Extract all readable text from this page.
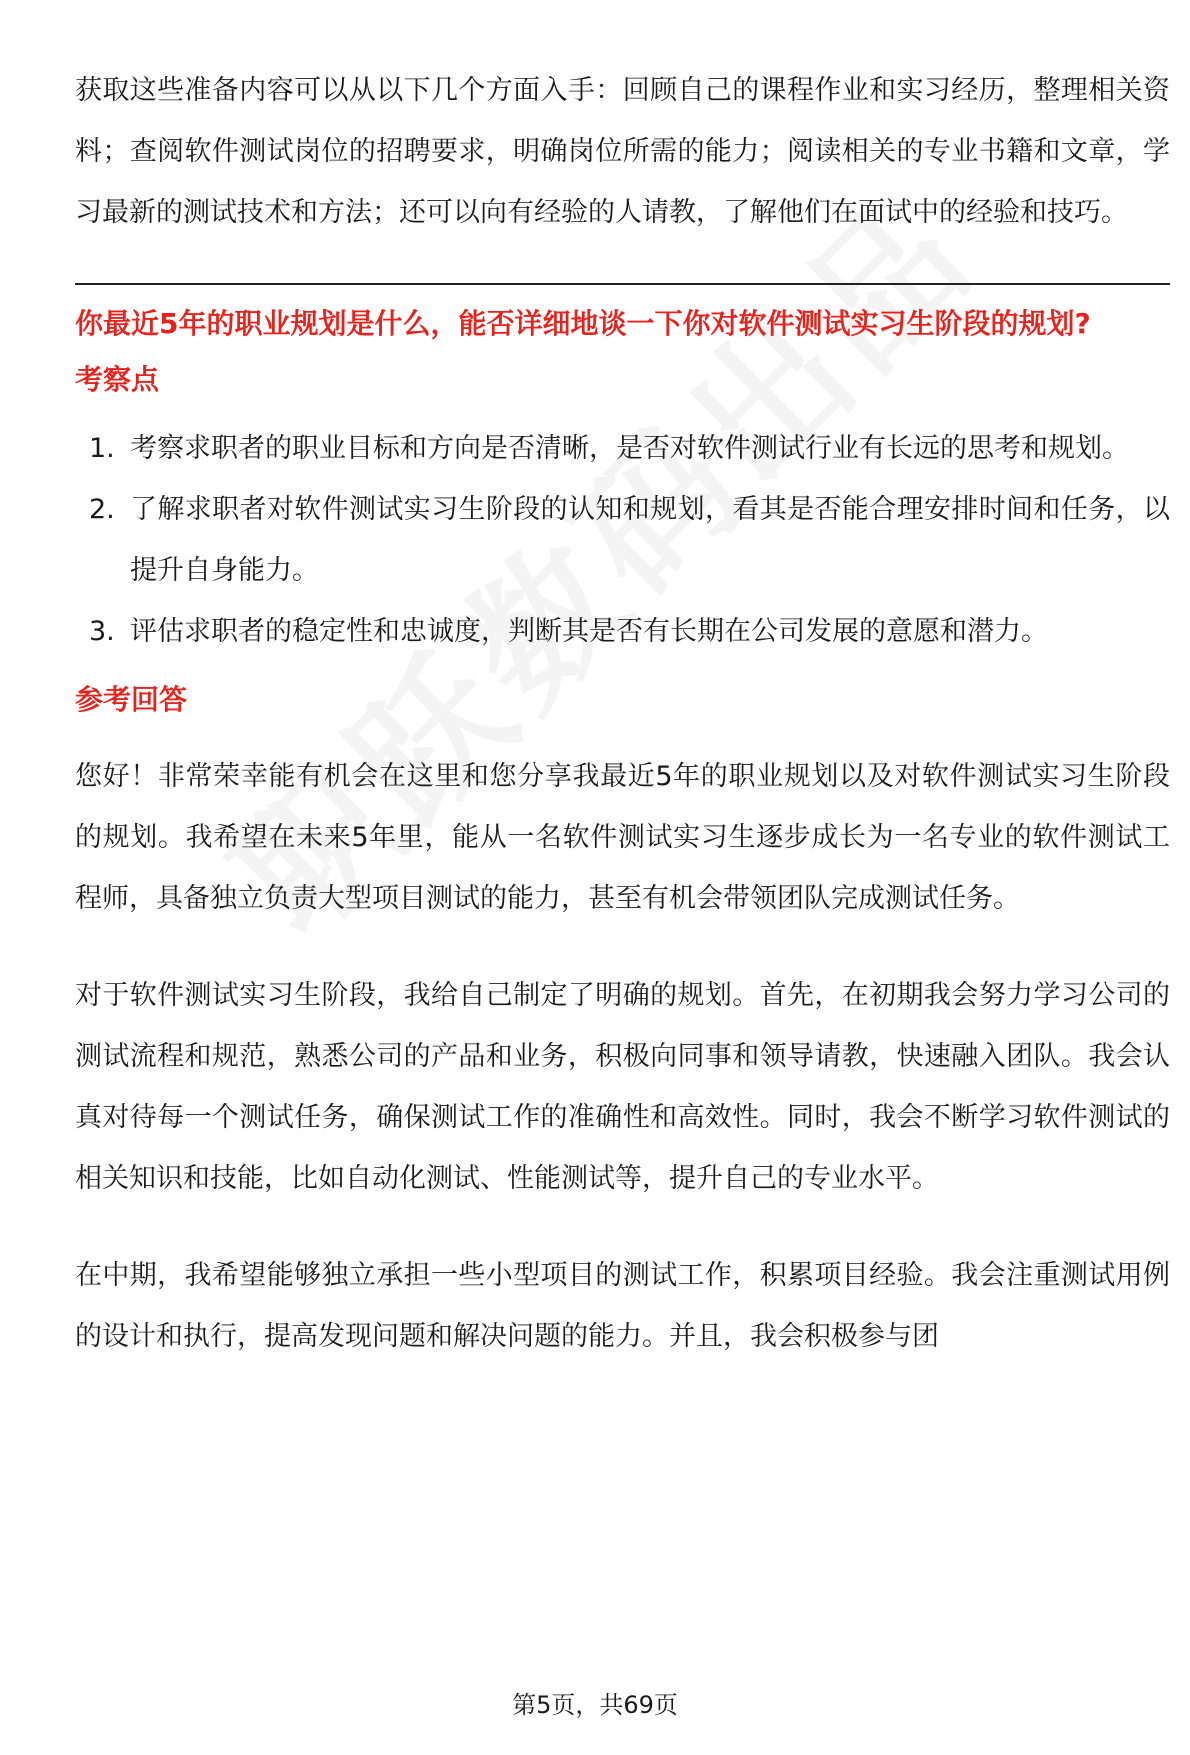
获取这些准备内容可以从以下几个方面入手：回顾自己的课程作业和实习经历，整理相关资料；查阅软件测试岗位的招聘要求，明确岗位所需的能力；阅读相关的专业书籍和文章，学习最新的测试技术和方法；还可以向有经验的人请教，了解他们在面试中的经验和技巧。

你最近5年的职业规划是什么，能否详细地谈一下你对软件测试实习生阶段的规划?
考察点
1. 考察求职者的职业目标和方向是否清晰，是否对软件测试行业有长远的思考和规划。
2. 了解求职者对软件测试实习生阶段的认知和规划，看其是否能合理安排时间和任务，以提升自身能力。
3. 评估求职者的稳定性和忠诚度，判断其是否有长期在公司发展的意愿和潜力。
参考回答

您好！非常荣幸能有机会在这里和您分享我最近5年的职业规划以及对软件测试实习生阶段的规划。我希望在未来5年里，能从一名软件测试实习生逐步成长为一名专业的软件测试工程师，具备独立负责大型项目测试的能力，甚至有机会带领团队完成测试任务。

对于软件测试实习生阶段，我给自己制定了明确的规划。首先，在初期我会努力学习公司的测试流程和规范，熟悉公司的产品和业务，积极向同事和领导请教，快速融入团队。我会认真对待每一个测试任务，确保测试工作的准确性和高效性。同时，我会不断学习软件测试的相关知识和技能，比如自动化测试、性能测试等，提升自己的专业水平。

在中期，我希望能够独立承担一些小型项目的测试工作，积累项目经验。我会注重测试用例的设计和执行，提高发现问题和解决问题的能力。并且，我会积极参与团

第5页，共69页
